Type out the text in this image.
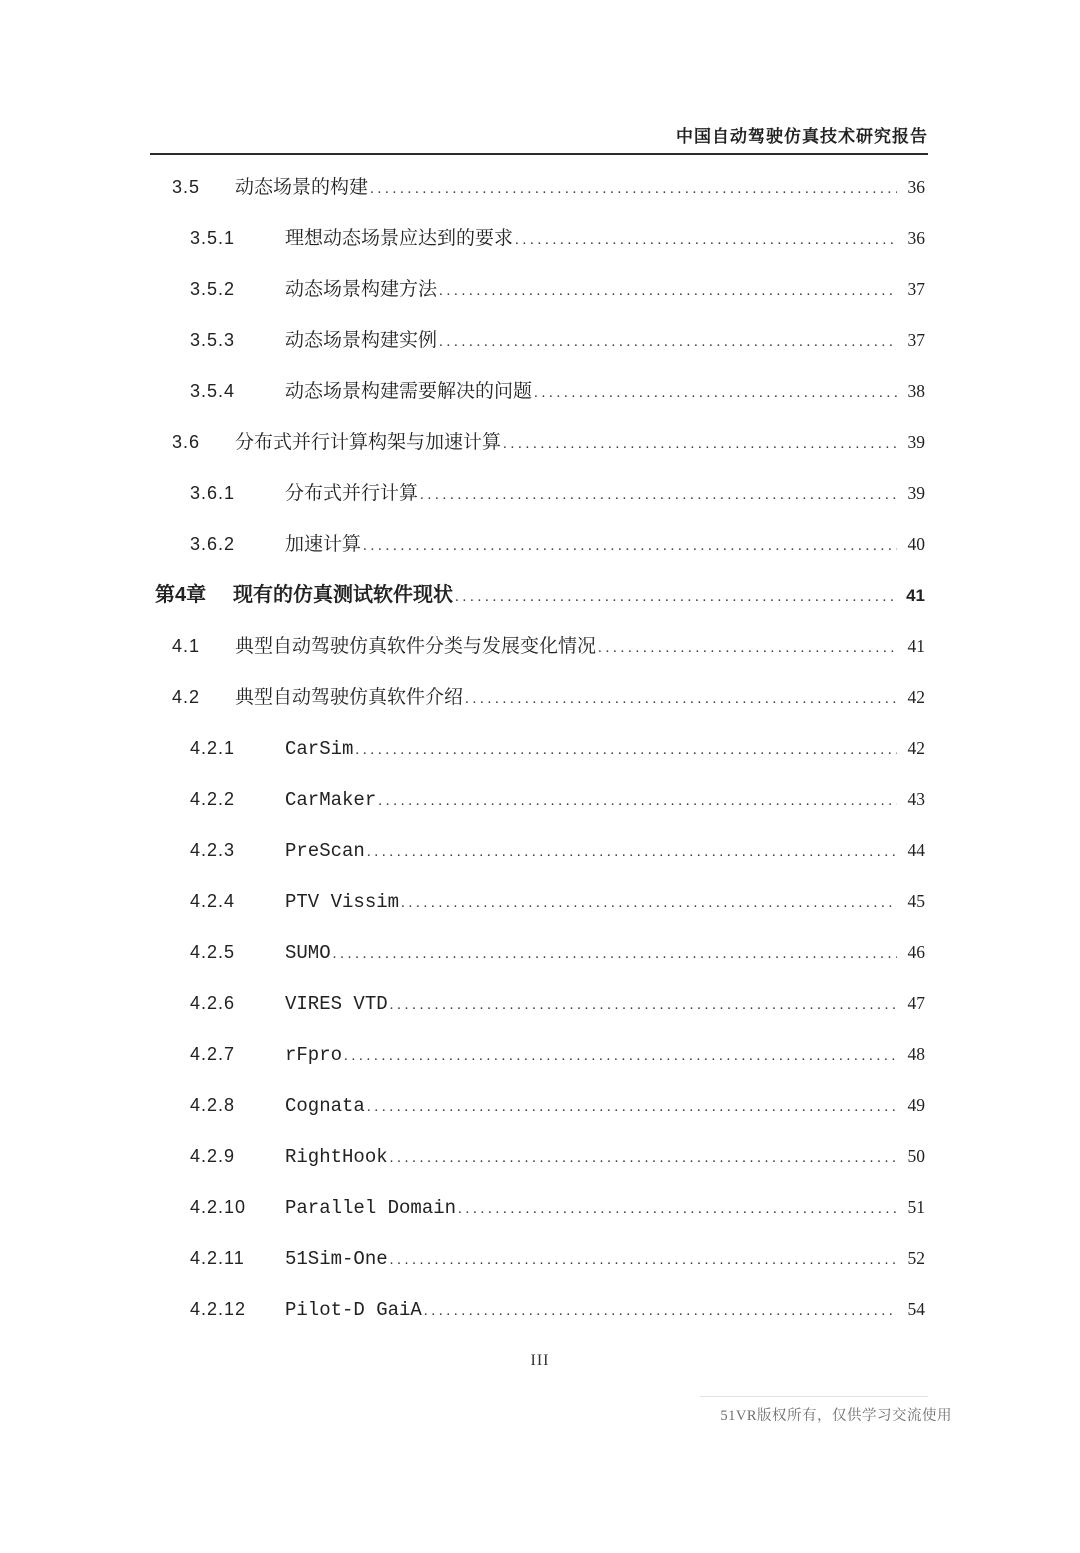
中国自动驾驶仿真技术研究报告
3.5	动态场景的构建 . . .	36
3.5.1	理想动态场景应达到的要求 . . .	36
3.5.2	动态场景构建方法 . . .	37
3.5.3	动态场景构建实例 . . .	37
3.5.4	动态场景构建需要解决的问题 . . .	38
3.6	分布式并行计算构架与加速计算 . . .	39
3.6.1	分布式并行计算 . . .	39
3.6.2	加速计算 . . .	40
第4章	现有的仿真测试软件现状 . . .	41
4.1	典型自动驾驶仿真软件分类与发展变化情况 . . .	41
4.2	典型自动驾驶仿真软件介绍 . . .	42
4.2.1	CarSim . . .	42
4.2.2	CarMaker . . .	43
4.2.3	PreScan . . .	44
4.2.4	PTV Vissim . . .	45
4.2.5	SUMO . . .	46
4.2.6	VIRES VTD . . .	47
4.2.7	rFpro . . .	48
4.2.8	Cognata . . .	49
4.2.9	RightHook . . .	50
4.2.10	Parallel Domain . . .	51
4.2.11	51Sim-One . . .	52
4.2.12	Pilot-D GaiA . . .	54
III
51VR版权所有，仅供学习交流使用
